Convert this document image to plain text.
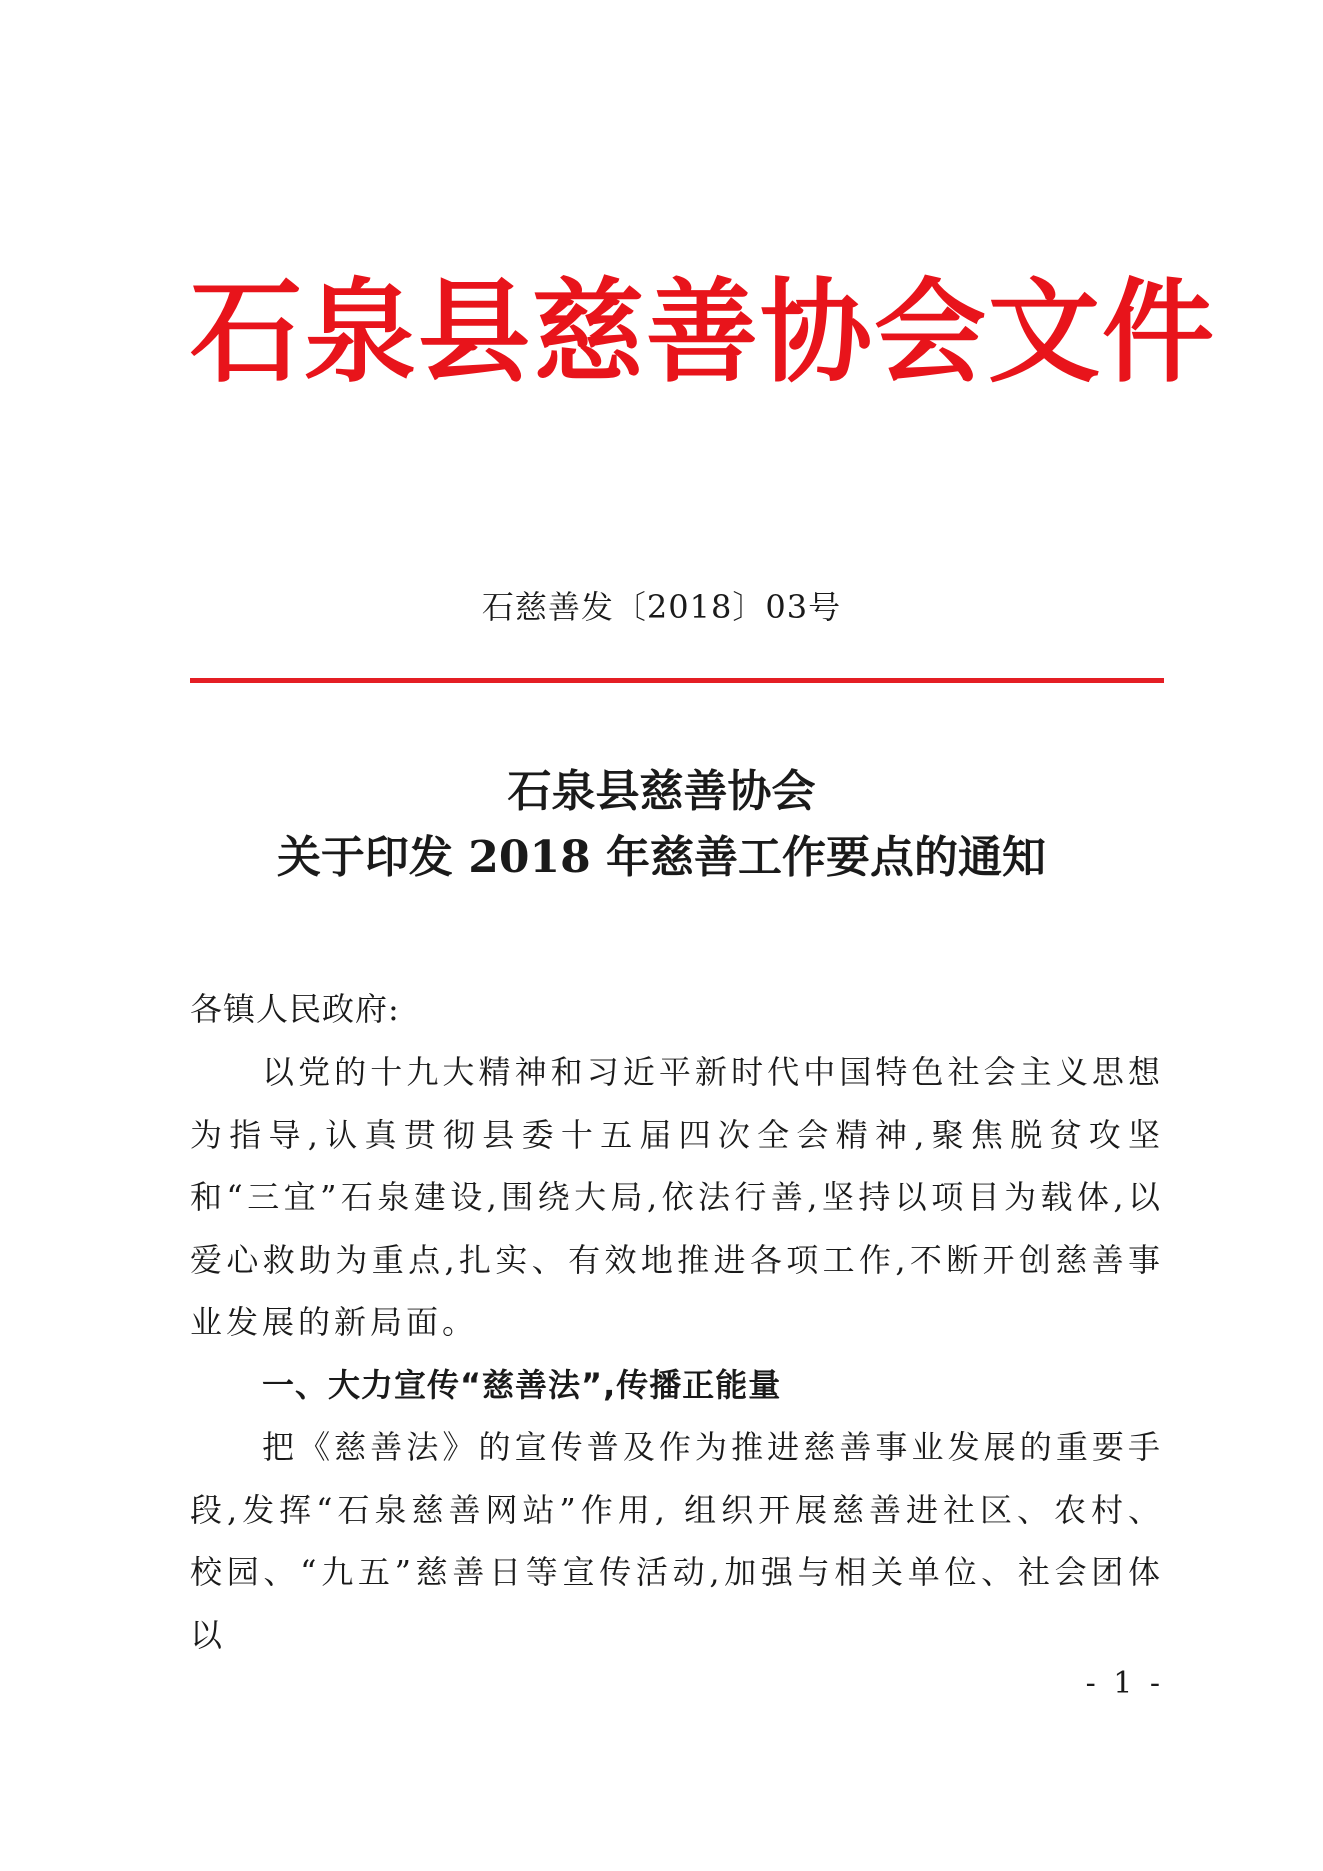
石泉县慈善协会文件
石慈善发〔2018〕03号
石泉县慈善协会
关于印发 2018 年慈善工作要点的通知
各镇人民政府:
以党的十九大精神和习近平新时代中国特色社会主义思想为指导,认真贯彻县委十五届四次全会精神,聚焦脱贫攻坚和“三宜”石泉建设,围绕大局,依法行善,坚持以项目为载体,以爱心救助为重点,扎实、有效地推进各项工作,不断开创慈善事业发展的新局面。
一、大力宣传“慈善法”,传播正能量
把《慈善法》的宣传普及作为推进慈善事业发展的重要手段,发挥“石泉慈善网站”作用, 组织开展慈善进社区、农村、校园、“九五”慈善日等宣传活动,加强与相关单位、社会团体以
- 1 -
